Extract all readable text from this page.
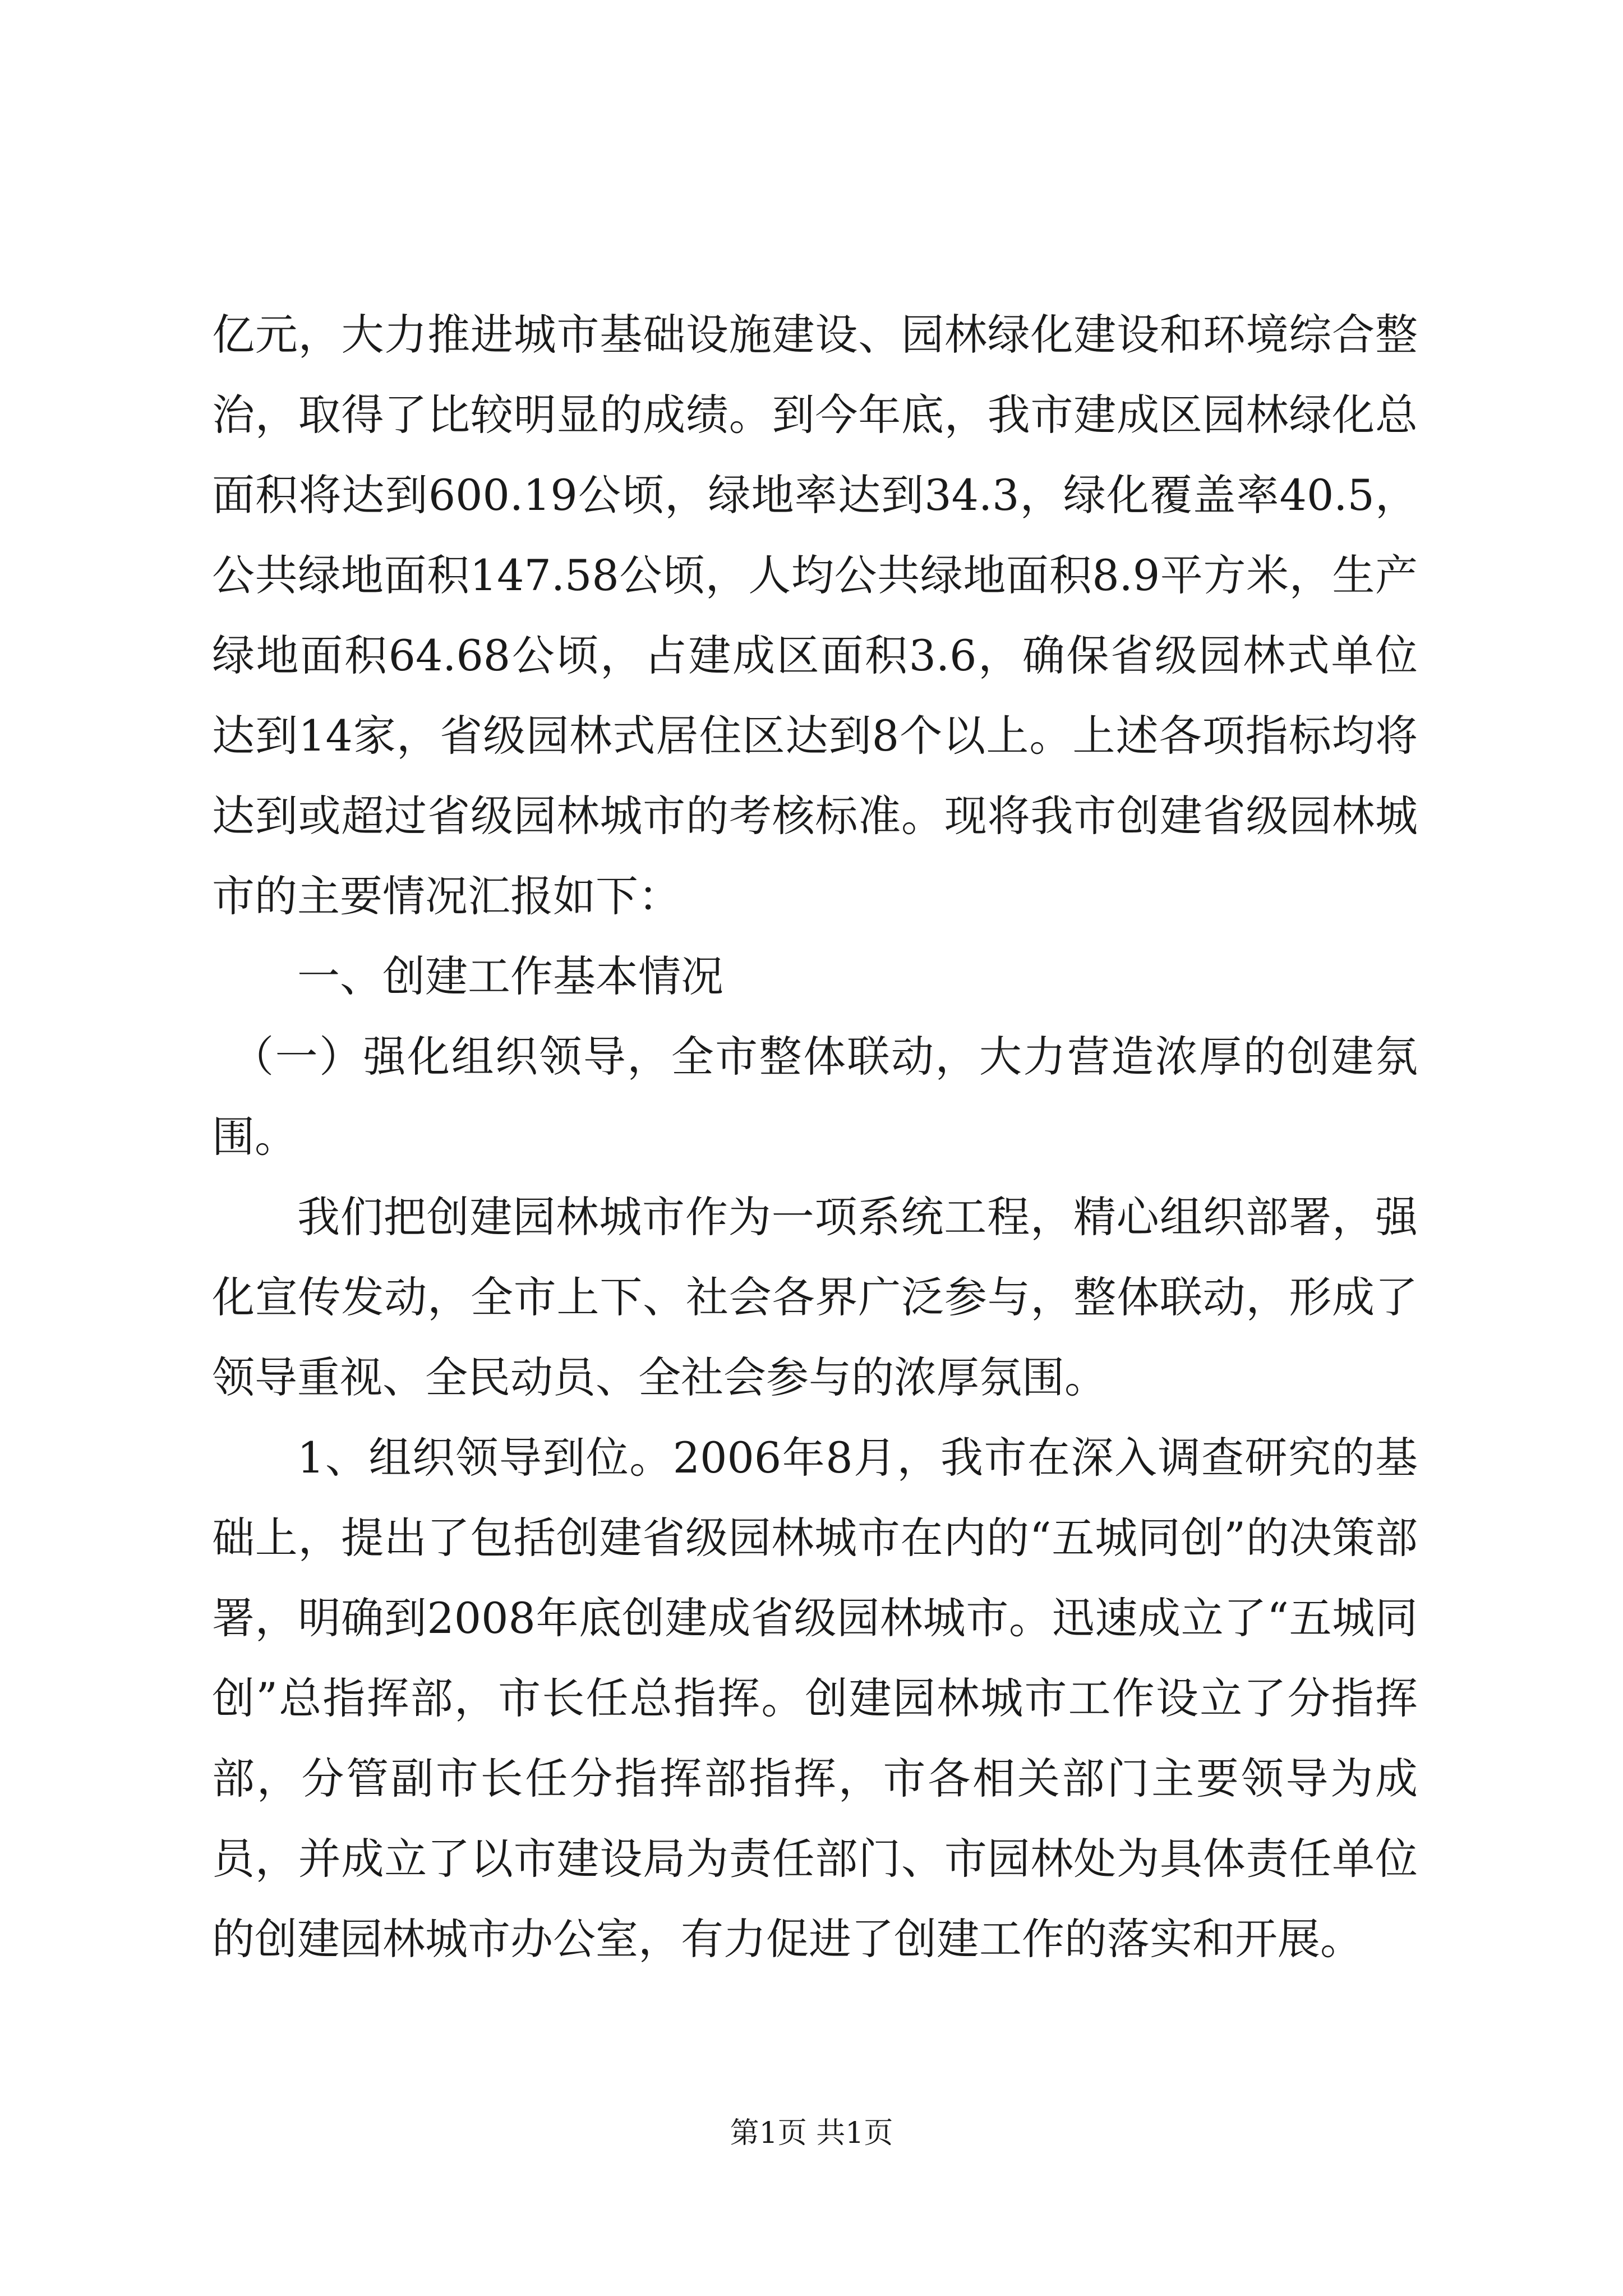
亿元，大力推进城市基础设施建设、园林绿化建设和环境综合整治，取得了比较明显的成绩。到今年底，我市建成区园林绿化总面积将达到600.19公顷，绿地率达到34.3，绿化覆盖率40.5，公共绿地面积147.58公顷，人均公共绿地面积8.9平方米，生产绿地面积64.68公顷，占建成区面积3.6，确保省级园林式单位达到14家，省级园林式居住区达到8个以上。上述各项指标均将达到或超过省级园林城市的考核标准。现将我市创建省级园林城市的主要情况汇报如下：

一、创建工作基本情况

（一）强化组织领导，全市整体联动，大力营造浓厚的创建氛围。

我们把创建园林城市作为一项系统工程，精心组织部署，强化宣传发动，全市上下、社会各界广泛参与，整体联动，形成了领导重视、全民动员、全社会参与的浓厚氛围。

1、组织领导到位。2006年8月，我市在深入调查研究的基础上，提出了包括创建省级园林城市在内的“五城同创”的决策部署，明确到2008年底创建成省级园林城市。迅速成立了“五城同创”总指挥部，市长任总指挥。创建园林城市工作设立了分指挥部，分管副市长任分指挥部指挥，市各相关部门主要领导为成员，并成立了以市建设局为责任部门、市园林处为具体责任单位的创建园林城市办公室，有力促进了创建工作的落实和开展。

第1页 共1页
